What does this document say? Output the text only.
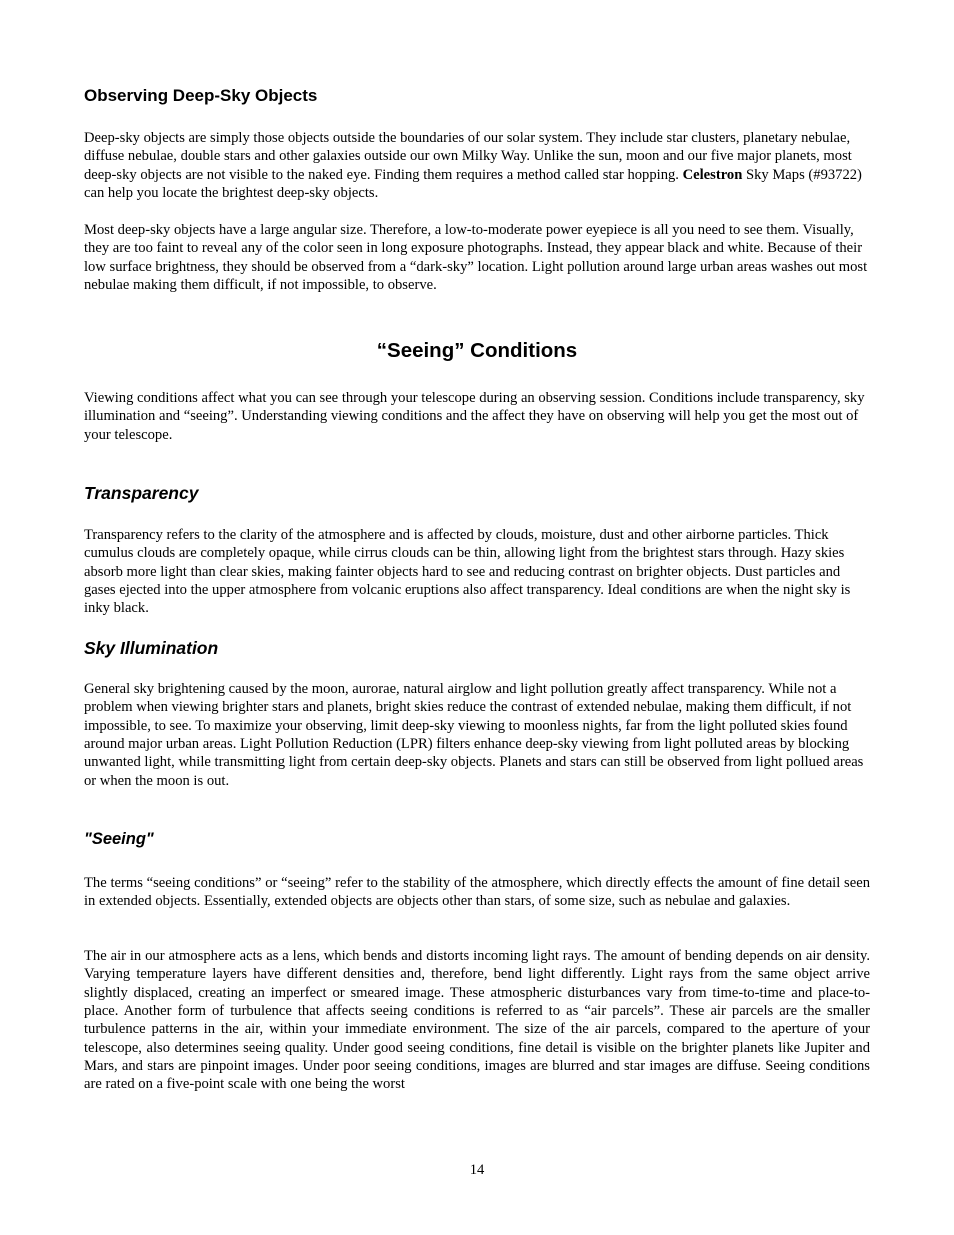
Observing Deep-Sky Objects

Deep-sky objects are simply those objects outside the boundaries of our solar system. They include star clusters, planetary nebulae, diffuse nebulae, double stars and other galaxies outside our own Milky Way. Unlike the sun, moon and our five major planets, most deep-sky objects are not visible to the naked eye. Finding them requires a method called star hopping. Celestron Sky Maps (#93722) can help you locate the brightest deep-sky objects.

Most deep-sky objects have a large angular size. Therefore, a low-to-moderate power eyepiece is all you need to see them. Visually, they are too faint to reveal any of the color seen in long exposure photographs. Instead, they appear black and white. Because of their low surface brightness, they should be observed from a “dark-sky” location. Light pollution around large urban areas washes out most nebulae making them difficult, if not impossible, to observe.

“Seeing” Conditions

Viewing conditions affect what you can see through your telescope during an observing session. Conditions include transparency, sky illumination and “seeing”. Understanding viewing conditions and the affect they have on observing will help you get the most out of your telescope.

Transparency

Transparency refers to the clarity of the atmosphere and is affected by clouds, moisture, dust and other airborne particles. Thick cumulus clouds are completely opaque, while cirrus clouds can be thin, allowing light from the brightest stars through. Hazy skies absorb more light than clear skies, making fainter objects hard to see and reducing contrast on brighter objects. Dust particles and gases ejected into the upper atmosphere from volcanic eruptions also affect transparency. Ideal conditions are when the night sky is inky black.

Sky Illumination

General sky brightening caused by the moon, aurorae, natural airglow and light pollution greatly affect transparency. While not a problem when viewing brighter stars and planets, bright skies reduce the contrast of extended nebulae, making them difficult, if not impossible, to see. To maximize your observing, limit deep-sky viewing to moonless nights, far from the light polluted skies found around major urban areas. Light Pollution Reduction (LPR) filters enhance deep-sky viewing from light polluted areas by blocking unwanted light, while transmitting light from certain deep-sky objects. Planets and stars can still be observed from light pollued areas or when the moon is out.

"Seeing"

The terms “seeing conditions” or “seeing” refer to the stability of the atmosphere, which directly effects the amount of fine detail seen in extended objects. Essentially, extended objects are objects other than stars, of some size, such as nebulae and galaxies.

The air in our atmosphere acts as a lens, which bends and distorts incoming light rays. The amount of bending depends on air density. Varying temperature layers have different densities and, therefore, bend light differently. Light rays from the same object arrive slightly displaced, creating an imperfect or smeared image. These atmospheric disturbances vary from time-to-time and place-to-place. Another form of turbulence that affects seeing conditions is referred to as “air parcels”. These air parcels are the smaller turbulence patterns in the air, within your immediate environment. The size of the air parcels, compared to the aperture of your telescope, also determines seeing quality. Under good seeing conditions, fine detail is visible on the brighter planets like Jupiter and Mars, and stars are pinpoint images. Under poor seeing conditions, images are blurred and star images are diffuse. Seeing conditions are rated on a five-point scale with one being the worst

14
